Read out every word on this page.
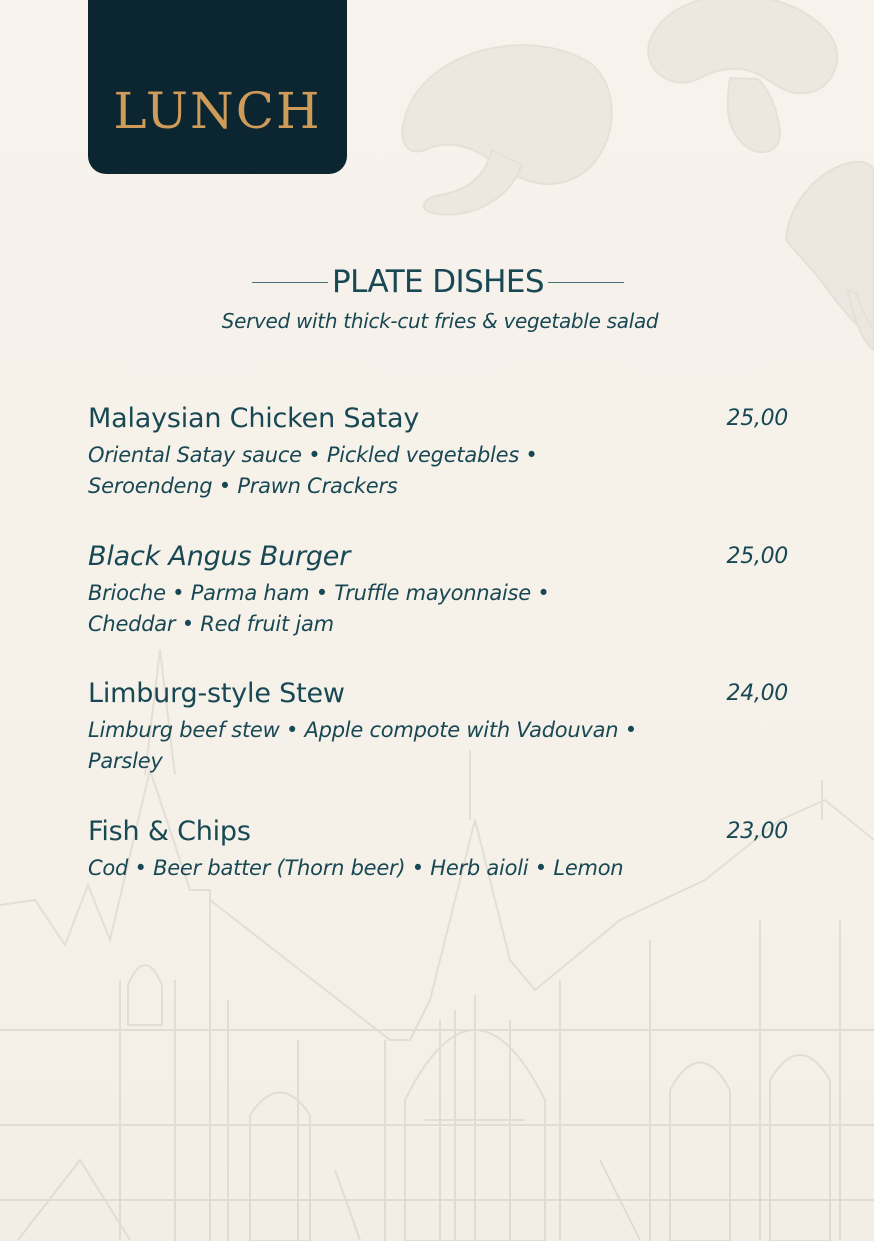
LUNCH
PLATE DISHES
Served with thick-cut fries & vegetable salad
Malaysian Chicken Satay	25,00
Oriental Satay sauce • Pickled vegetables •
Seroendeng • Prawn Crackers
Black Angus Burger	25,00
Brioche • Parma ham • Truffle mayonnaise •
Cheddar • Red fruit jam
Limburg-style Stew	24,00
Limburg beef stew • Apple compote with Vadouvan •
Parsley
Fish & Chips	23,00
Cod • Beer batter (Thorn beer) • Herb aioli • Lemon
